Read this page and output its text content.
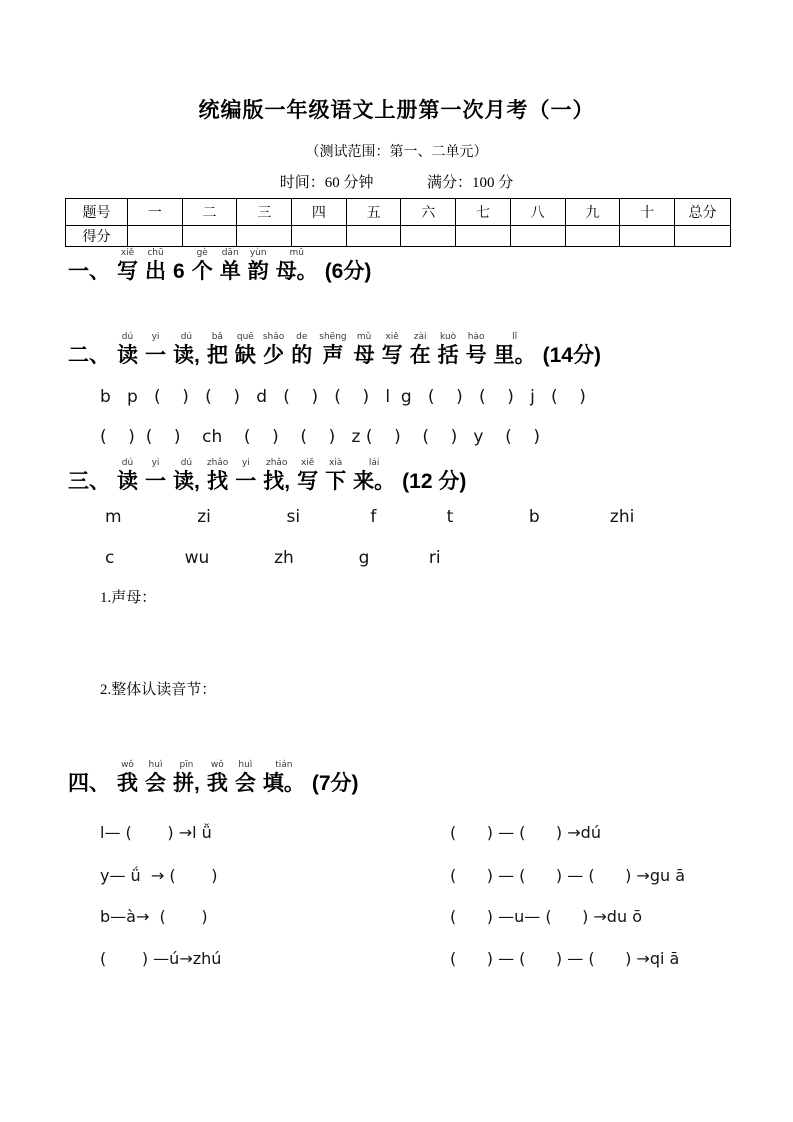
统编版一年级语文上册第一次月考（一）
（测试范围：第一、二单元）
时间：60 分钟	满分：100 分
题号	一	二	三	四	五	六	七	八	九	十	总分
得分											
一、
xiě
写
chū
出 6
gè
个
dān
单
yùn
韵
mǔ
母。 (6分)
二、
dú
读
yi
一
dú
读,
bǎ
把
quē
缺
shǎo
少
de
的
shēng
声
mǔ
母
xiě
写
zài
在
kuò
括
hào
号
lǐ
里。 (14分)
b   p   (    )   (    )   d   (    )   (    )   l  g   (    )   (    )   j   (    )
(    )  (    )    ch    (    )    (    )   z (    )    (    )   y    (    )
三、
dú
读
yi
一
dú
读,
zhǎo
找
yi
一
zhǎo
找,
xiě
写
xià
下
lái
来。 (12 分)
m              zi              si             f             t              b             zhi
c             wu            zh            g           ri
1.声母：
2.整体认读音节：
四、
wǒ
我
huì
会
pīn
拼,
wǒ
我
huì
会
tián
填。 (7分)
l— (       ) →l ǚ	(      ) — (      ) →dú
y— ǘ  → (       )	(      ) — (      ) — (      ) →gu ā
b—à→  (       )	(      ) —u— (      ) →du ō
(       ) —ú→zhú	(      ) — (      ) — (      ) →qi ā
